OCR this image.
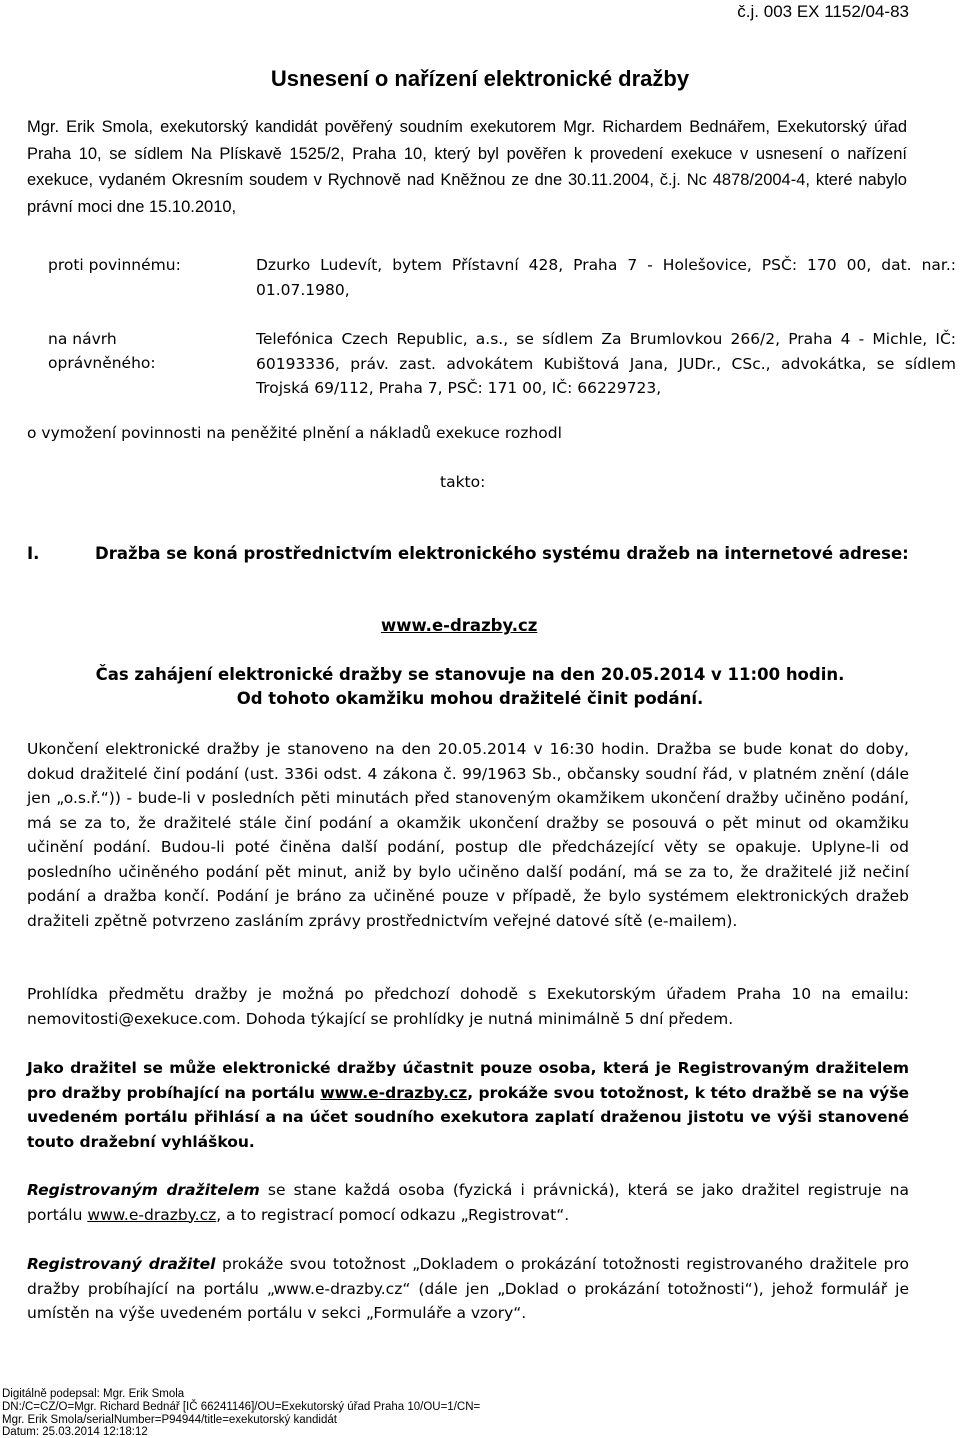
č.j. 003 EX 1152/04-83
Usnesení o nařízení elektronické dražby

Mgr. Erik Smola, exekutorský kandidát pověřený soudním exekutorem Mgr. Richardem Bednářem, Exekutorský úřad Praha 10, se sídlem Na Plískavě 1525/2, Praha 10, který byl pověřen k provedení exekuce v usnesení o nařízení exekuce, vydaném Okresním soudem v Rychnově nad Kněžnou ze dne 30.11.2004, č.j. Nc 4878/2004-4, které nabylo právní moci dne 15.10.2010,

proti povinnému:	Dzurko Ludevít, bytem Přístavní 428, Praha 7 - Holešovice, PSČ: 170 00, dat. nar.: 01.07.1980,
na návrh
oprávněného:
Telefónica Czech Republic, a.s., se sídlem Za Brumlovkou 266/2, Praha 4 - Michle, IČ: 60193336, práv. zast. advokátem Kubištová Jana, JUDr., CSc., advokátka, se sídlem Trojská 69/112, Praha 7, PSČ: 171 00, IČ: 66229723,
o vymožení povinnosti na peněžité plnění a nákladů exekuce rozhodl
takto:
I.	Dražba se koná prostřednictvím elektronického systému dražeb na internetové adrese:
www.e-drazby.cz
Čas zahájení elektronické dražby se stanovuje na den 20.05.2014 v 11:00 hodin.
Od tohoto okamžiku mohou dražitelé činit podání.

Ukončení elektronické dražby je stanoveno na den 20.05.2014 v 16:30 hodin. Dražba se bude konat do doby, dokud dražitelé činí podání (ust. 336i odst. 4 zákona č. 99/1963 Sb., občansky soudní řád, v platném znění (dále jen „o.s.ř.“)) - bude-li v posledních pěti minutách před stanoveným okamžikem ukončení dražby učiněno podání, má se za to, že dražitelé stále činí podání a okamžik ukončení dražby se posouvá o pět minut od okamžiku učinění podání. Budou-li poté činěna další podání, postup dle předcházející věty se opakuje. Uplyne-li od posledního učiněného podání pět minut, aniž by bylo učiněno další podání, má se za to, že dražitelé již nečiní podání a dražba končí. Podání je bráno za učiněné pouze v případě, že bylo systémem elektronických dražeb dražiteli zpětně potvrzeno zasláním zprávy prostřednictvím veřejné datové sítě (e-mailem).

Prohlídka předmětu dražby je možná po předchozí dohodě s Exekutorským úřadem Praha 10 na emailu: nemovitosti@exekuce.com. Dohoda týkající se prohlídky je nutná minimálně 5 dní předem.

Jako dražitel se může elektronické dražby účastnit pouze osoba, která je Registrovaným dražitelem pro dražby probíhající na portálu www.e-drazby.cz, prokáže svou totožnost, k této dražbě se na výše uvedeném portálu přihlásí a na účet soudního exekutora zaplatí draženou jistotu ve výši stanovené touto dražební vyhláškou.

Registrovaným dražitelem se stane každá osoba (fyzická i právnická), která se jako dražitel registruje na portálu www.e-drazby.cz, a to registrací pomocí odkazu „Registrovat“.

Registrovaný dražitel prokáže svou totožnost „Dokladem o prokázání totožnosti registrovaného dražitele pro dražby probíhající na portálu „www.e-drazby.cz“ (dále jen „Doklad o prokázání totožnosti“), jehož formulář je umístěn na výše uvedeném portálu v sekci „Formuláře a vzory“.

Digitálně podepsal: Mgr. Erik Smola
DN:/C=CZ/O=Mgr. Richard Bednář [IČ 66241146]/OU=Exekutorský úřad Praha 10/OU=1/CN=
Mgr. Erik Smola/serialNumber=P94944/title=exekutorský kandidát
Datum: 25.03.2014 12:18:12
